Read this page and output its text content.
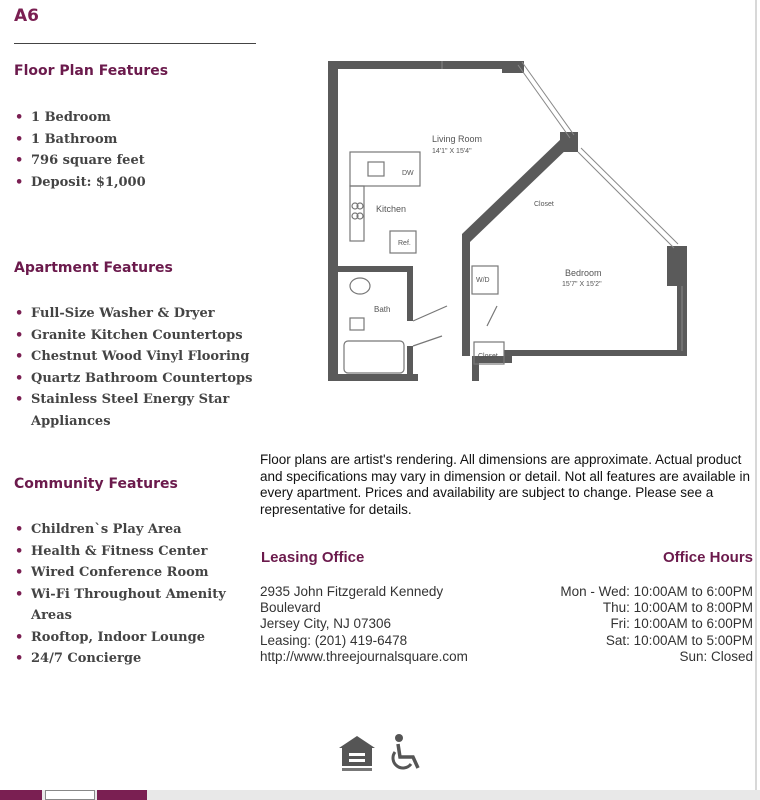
A6
Floor Plan Features
• 1 Bedroom
• 1 Bathroom
• 796 square feet
• Deposit: $1,000
Apartment Features
• Full-Size Washer & Dryer
• Granite Kitchen Countertops
• Chestnut Wood Vinyl Flooring
• Quartz Bathroom Countertops
• Stainless Steel Energy Star
Appliances
Community Features
• Children`s Play Area
• Health & Fitness Center
• Wired Conference Room
• Wi-Fi Throughout Amenity Areas
• Rooftop, Indoor Lounge
• 24/7 Concierge
Living Room
14'1" X 15'4"
Kitchen
DW
Ref.
Bath
W/D
Closet
Closet
Bedroom
15'7" X 15'2"
Floor plans are artist's rendering. All dimensions are approximate. Actual product and specifications may vary in dimension or detail. Not all features are available in every apartment. Prices and availability are subject to change. Please see a representative for details.
Leasing Office	Office Hours
2935 John Fitzgerald Kennedy
Boulevard
Jersey City, NJ 07306
Leasing: (201) 419-6478
http://www.threejournalsquare.com
Mon - Wed: 10:00AM to 6:00PM
Thu: 10:00AM to 8:00PM
Fri: 10:00AM to 6:00PM
Sat: 10:00AM to 5:00PM
Sun: Closed
